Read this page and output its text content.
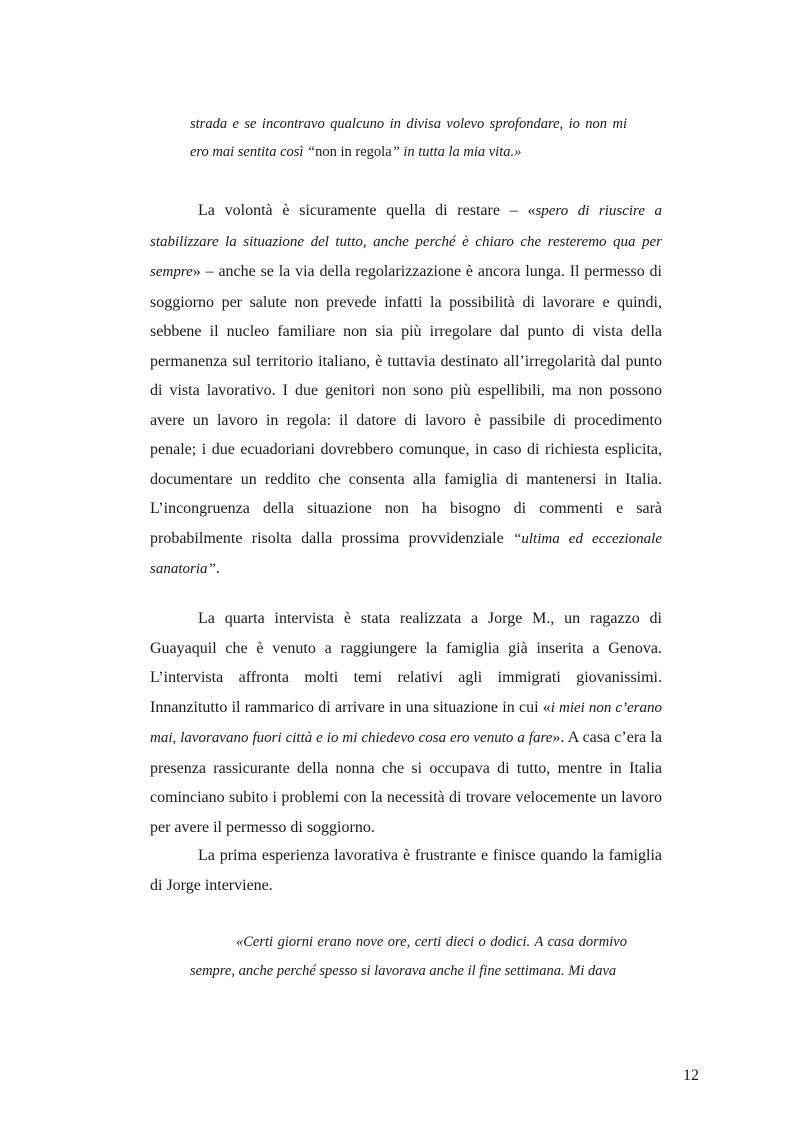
strada e se incontravo qualcuno in divisa volevo sprofondare, io non mi ero mai sentita così “non in regola” in tutta la mia vita.»

La volontà è sicuramente quella di restare – «spero di riuscire a stabilizzare la situazione del tutto, anche perché è chiaro che resteremo qua per sempre» – anche se la via della regolarizzazione è ancora lunga. Il permesso di soggiorno per salute non prevede infatti la possibilità di lavorare e quindi, sebbene il nucleo familiare non sia più irregolare dal punto di vista della permanenza sul territorio italiano, è tuttavia destinato all’irregolarità dal punto di vista lavorativo. I due genitori non sono più espellibili, ma non possono avere un lavoro in regola: il datore di lavoro è passibile di procedimento penale; i due ecuadoriani dovrebbero comunque, in caso di richiesta esplicita, documentare un reddito che consenta alla famiglia di mantenersi in Italia. L’incongruenza della situazione non ha bisogno di commenti e sarà probabilmente risolta dalla prossima provvidenziale “ultima ed eccezionale sanatoria”.

La quarta intervista è stata realizzata a Jorge M., un ragazzo di Guayaquil che è venuto a raggiungere la famiglia già inserita a Genova. L’intervista affronta molti temi relativi agli immigrati giovanissimi. Innanzitutto il rammarico di arrivare in una situazione in cui «i miei non c’erano mai, lavoravano fuori città e io mi chiedevo cosa ero venuto a fare». A casa c’era la presenza rassicurante della nonna che si occupava di tutto, mentre in Italia cominciano subito i problemi con la necessità di trovare velocemente un lavoro per avere il permesso di soggiorno.

La prima esperienza lavorativa è frustrante e finisce quando la famiglia di Jorge interviene.

«Certi giorni erano nove ore, certi dieci o dodici. A casa dormivo sempre, anche perché spesso si lavorava anche il fine settimana. Mi dava

12
